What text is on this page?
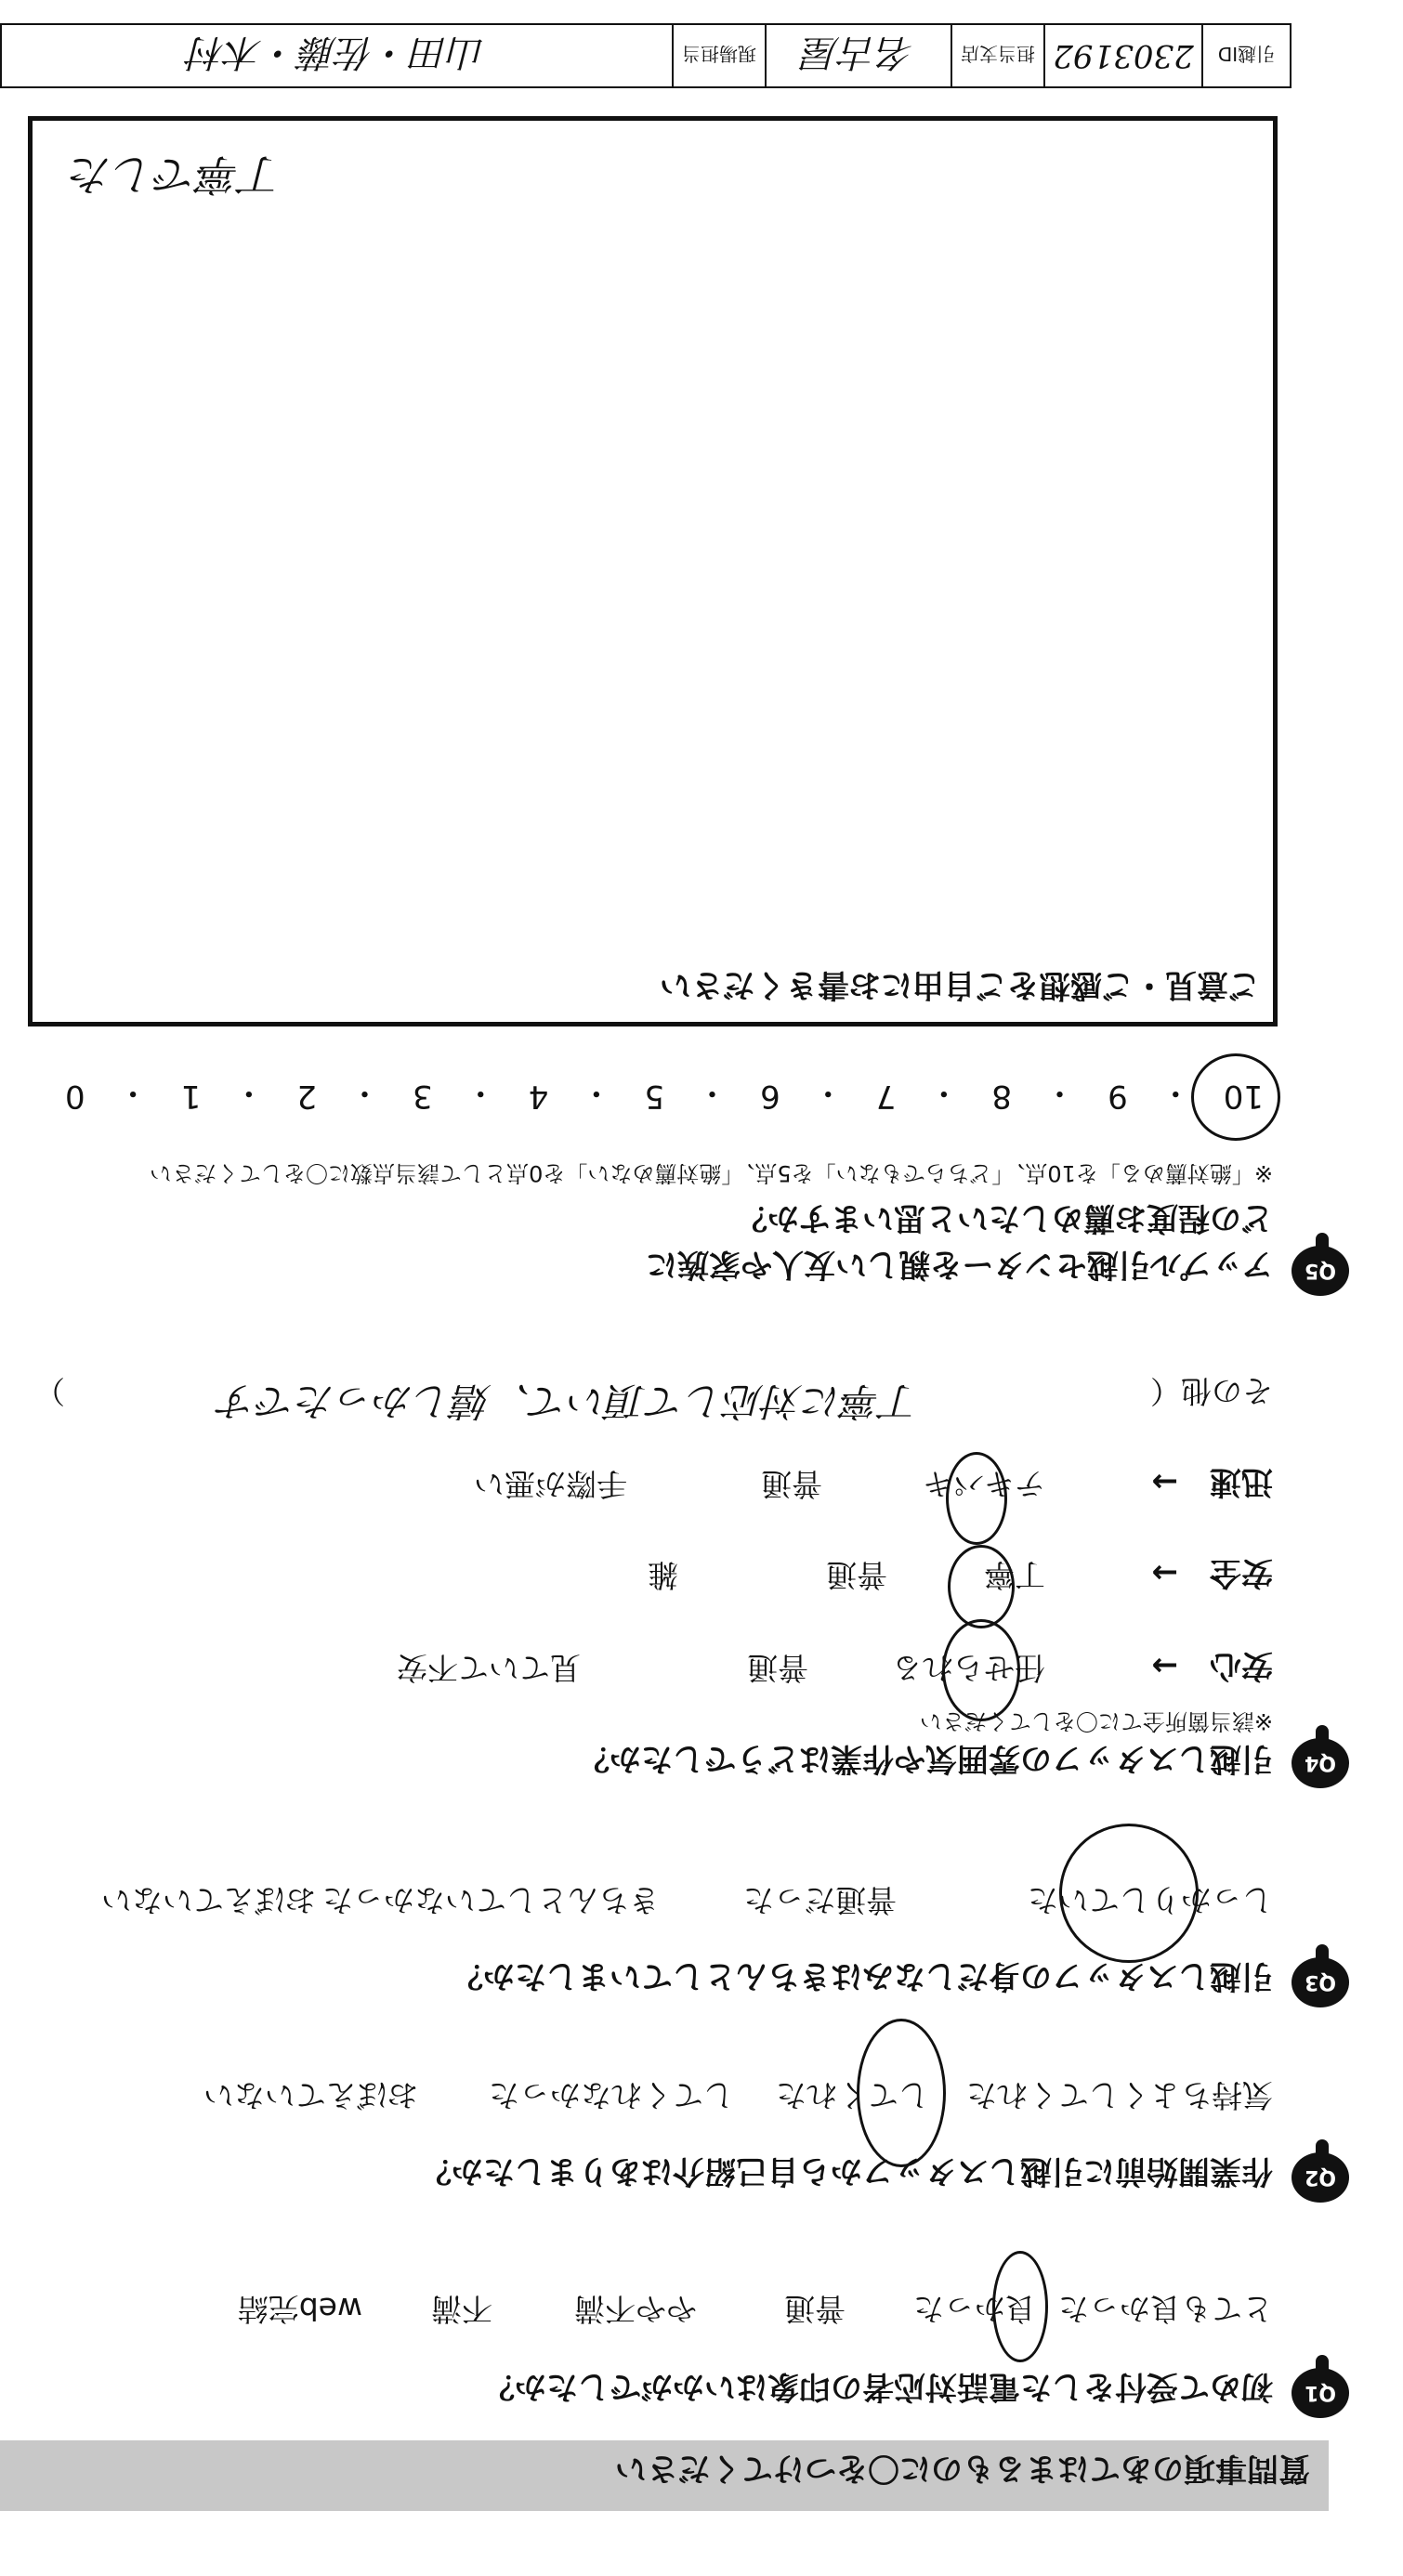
質問事項のあてはまるものに〇をつけてください
Q1
初めて受付をした電話対応者の印象はいかがでしたか？
とても良かった
良かった
普通
やや不満
不満
web完結
Q2
作業開始前に引越しスタッフから自己紹介はありましたか？
気持ちよくしてくれた
してくれた
してくれなかった
おぼえていない
Q3
引越しスタッフの身だしなみはきちんとしていましたか？
しっかりしていた
普通だった
きちんとしていなかった
おぼえていない
Q4
引越しスタッフの雰囲気や作業はどうでしたか？
※該当箇所全てに〇をしてください
安心　→
任せられる
普通
見ていて不安
安全　→
丁寧
普通
雑
迅速　→
テキパキ
普通
手際が悪い
その他（
）	丁寧に対応して頂いて、嬉しかったです
Q5
アップル引越センターを親しい友人や家族に
どの程度お薦めしたいと思いますか？
※「絶対薦める」を10点、「どちらでもない」を5点、「絶対薦めない」を0点として該当点数に〇をしてください
10
・
9
・
8
・
7
・
6
・
5
・
4
・
3
・
2
・
1
・
0
ご意見・ご感想をご自由にお書きください
丁寧でした
引越ID
2303192
担当支店
名古屋
現場担当
山田・佐藤・木村
